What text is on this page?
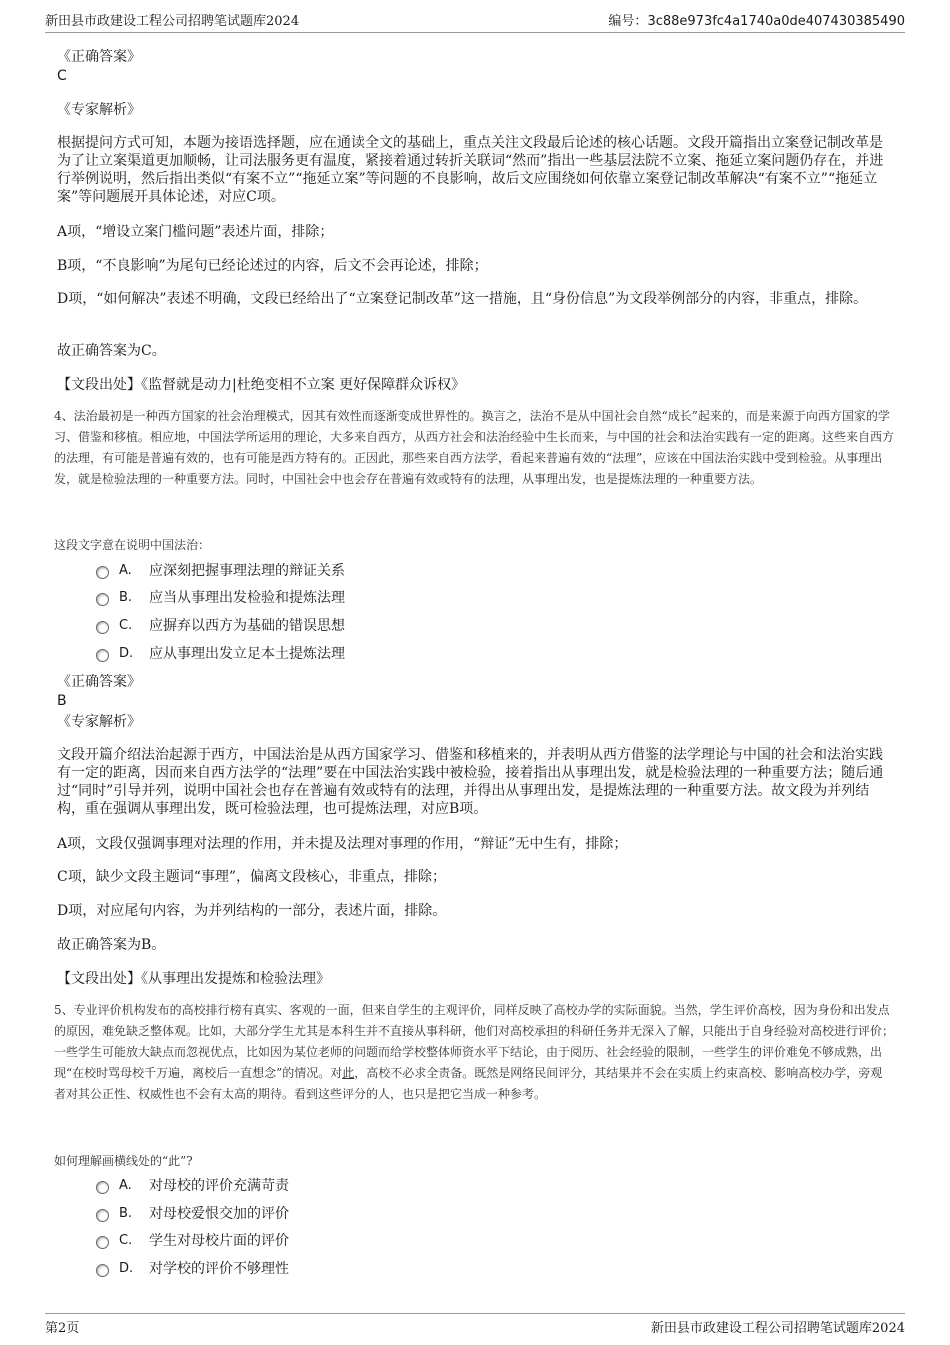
新田县市政建设工程公司招聘笔试题库2024	编号：3c88e973fc4a1740a0de407430385490

《正确答案》

C

《专家解析》

根据提问方式可知，本题为接语选择题，应在通读全文的基础上，重点关注文段最后论述的核心话题。文段开篇指出立案登记制改革是为了让立案渠道更加顺畅，让司法服务更有温度，紧接着通过转折关联词“然而”指出一些基层法院不立案、拖延立案问题仍存在，并进行举例说明，然后指出类似“有案不立”“拖延立案”等问题的不良影响，故后文应围绕如何依靠立案登记制改革解决“有案不立”“拖延立案”等问题展开具体论述，对应C项。

A项，“增设立案门槛问题”表述片面，排除；

B项，“不良影响”为尾句已经论述过的内容，后文不会再论述，排除；

D项，“如何解决”表述不明确，文段已经给出了“立案登记制改革”这一措施，且“身份信息”为文段举例部分的内容，非重点，排除。

故正确答案为C。

【文段出处】《监督就是动力|杜绝变相不立案 更好保障群众诉权》

4、法治最初是一种西方国家的社会治理模式，因其有效性而逐渐变成世界性的。换言之，法治不是从中国社会自然“成长”起来的，而是来源于向西方国家的学习、借鉴和移植。相应地，中国法学所运用的理论，大多来自西方，从西方社会和法治经验中生长而来，与中国的社会和法治实践有一定的距离。这些来自西方的法理，有可能是普遍有效的，也有可能是西方特有的。正因此，那些来自西方法学，看起来普遍有效的“法理”，应该在中国法治实践中受到检验。从事理出发，就是检验法理的一种重要方法。同时，中国社会中也会存在普遍有效或特有的法理，从事理出发，也是提炼法理的一种重要方法。

这段文字意在说明中国法治：

A.	应深刻把握事理法理的辩证关系
B.	应当从事理出发检验和提炼法理
C.	应摒弃以西方为基础的错误思想
D.	应从事理出发立足本土提炼法理

《正确答案》

B

《专家解析》

文段开篇介绍法治起源于西方，中国法治是从西方国家学习、借鉴和移植来的，并表明从西方借鉴的法学理论与中国的社会和法治实践有一定的距离，因而来自西方法学的“法理”要在中国法治实践中被检验，接着指出从事理出发，就是检验法理的一种重要方法；随后通过“同时”引导并列，说明中国社会也存在普遍有效或特有的法理，并得出从事理出发，是提炼法理的一种重要方法。故文段为并列结构，重在强调从事理出发，既可检验法理，也可提炼法理，对应B项。

A项，文段仅强调事理对法理的作用，并未提及法理对事理的作用，“辩证”无中生有，排除；

C项，缺少文段主题词“事理”，偏离文段核心，非重点，排除；

D项，对应尾句内容，为并列结构的一部分，表述片面，排除。

故正确答案为B。

【文段出处】《从事理出发提炼和检验法理》

5、专业评价机构发布的高校排行榜有真实、客观的一面，但来自学生的主观评价，同样反映了高校办学的实际面貌。当然，学生评价高校，因为身份和出发点的原因，难免缺乏整体观。比如，大部分学生尤其是本科生并不直接从事科研，他们对高校承担的科研任务并无深入了解，只能出于自身经验对高校进行评价；一些学生可能放大缺点而忽视优点，比如因为某位老师的问题而给学校整体师资水平下结论，由于阅历、社会经验的限制，一些学生的评价难免不够成熟，出现“在校时骂母校千万遍，离校后一直想念”的情况。对此，高校不必求全责备。既然是网络民间评分，其结果并不会在实质上约束高校、影响高校办学，旁观者对其公正性、权威性也不会有太高的期待。看到这些评分的人，也只是把它当成一种参考。

如何理解画横线处的“此”?

A.	对母校的评价充满苛责
B.	对母校爱恨交加的评价
C.	学生对母校片面的评价
D.	对学校的评价不够理性
第2页	新田县市政建设工程公司招聘笔试题库2024
